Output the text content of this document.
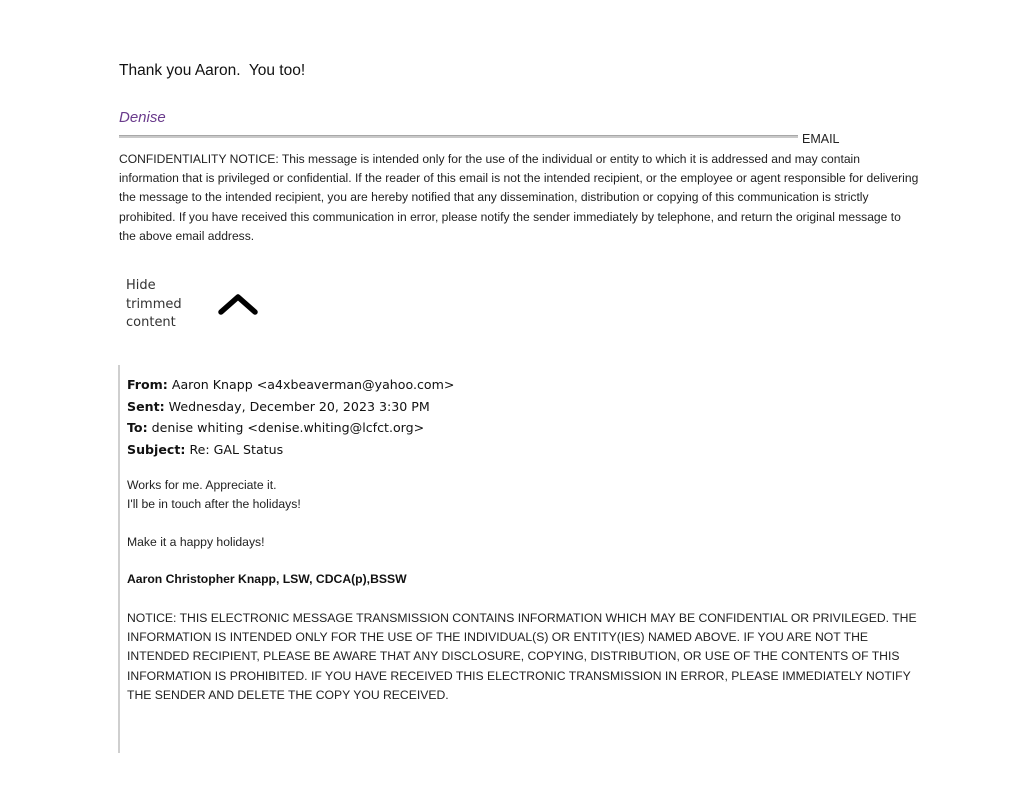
Thank you Aaron.  You too!
Denise
EMAIL
CONFIDENTIALITY NOTICE: This message is intended only for the use of the individual or entity to which it is addressed and may contain information that is privileged or confidential. If the reader of this email is not the intended recipient, or the employee or agent responsible for delivering the message to the intended recipient, you are hereby notified that any dissemination, distribution or copying of this communication is strictly prohibited. If you have received this communication in error, please notify the sender immediately by telephone, and return the original message to the above email address.
Hide
trimmed
content
From: Aaron Knapp <a4xbeaverman@yahoo.com>
Sent: Wednesday, December 20, 2023 3:30 PM
To: denise whiting <denise.whiting@lcfct.org>
Subject: Re: GAL Status
Works for me. Appreciate it.
I'll be in touch after the holidays!
Make it a happy holidays!
Aaron Christopher Knapp, LSW, CDCA(p),BSSW
NOTICE: THIS ELECTRONIC MESSAGE TRANSMISSION CONTAINS INFORMATION WHICH MAY BE CONFIDENTIAL OR PRIVILEGED. THE INFORMATION IS INTENDED ONLY FOR THE USE OF THE INDIVIDUAL(S) OR ENTITY(IES) NAMED ABOVE. IF YOU ARE NOT THE INTENDED RECIPIENT, PLEASE BE AWARE THAT ANY DISCLOSURE, COPYING, DISTRIBUTION, OR USE OF THE CONTENTS OF THIS INFORMATION IS PROHIBITED. IF YOU HAVE RECEIVED THIS ELECTRONIC TRANSMISSION IN ERROR, PLEASE IMMEDIATELY NOTIFY THE SENDER AND DELETE THE COPY YOU RECEIVED.
